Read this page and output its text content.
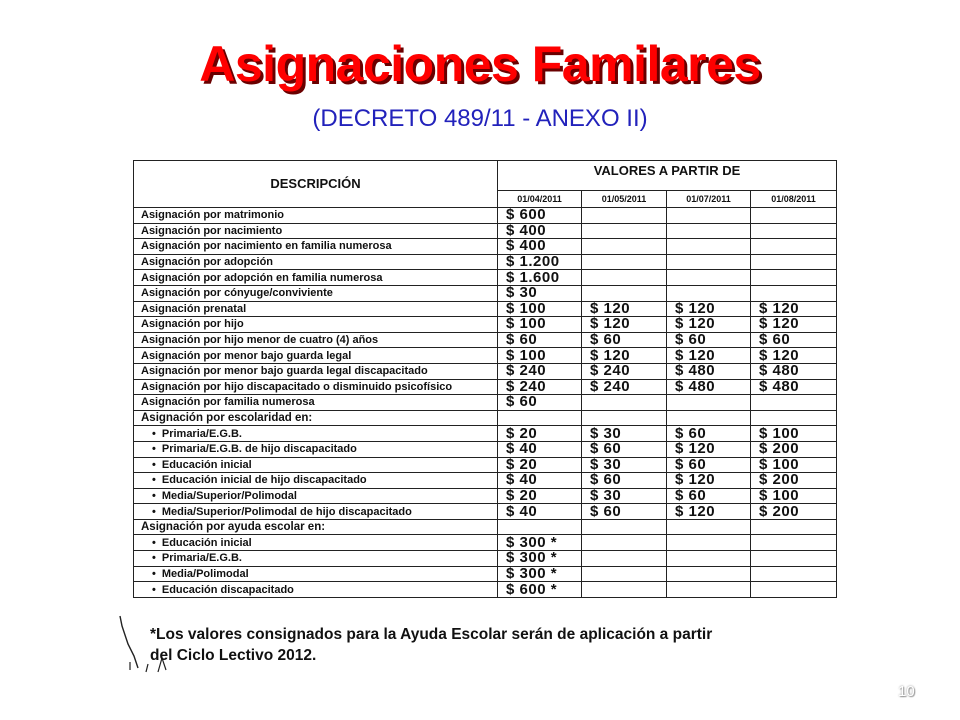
Asignaciones Familares
(DECRETO 489/11 - ANEXO II)
DESCRIPCIÓN	VALORES A PARTIR DE			
	01/04/2011	01/05/2011	01/07/2011	01/08/2011
Asignación por matrimonio	$ 600			
Asignación por nacimiento	$ 400			
Asignación por nacimiento en familia numerosa	$ 400			
Asignación por adopción	$ 1.200			
Asignación por adopción en familia numerosa	$ 1.600			
Asignación por cónyuge/conviviente	$ 30			
Asignación prenatal	$ 100	$ 120	$ 120	$ 120
Asignación por hijo	$ 100	$ 120	$ 120	$ 120
Asignación por hijo menor de cuatro (4) años	$ 60	$ 60	$ 60	$ 60
Asignación por menor bajo guarda legal	$ 100	$ 120	$ 120	$ 120
Asignación por menor bajo guarda legal discapacitado	$ 240	$ 240	$ 480	$ 480
Asignación por hijo discapacitado o disminuido psicofísico	$ 240	$ 240	$ 480	$ 480
Asignación por familia numerosa	$ 60			
Asignación por escolaridad en:				
• Primaria/E.G.B.	$ 20	$ 30	$ 60	$ 100
• Primaria/E.G.B. de hijo discapacitado	$ 40	$ 60	$ 120	$ 200
• Educación inicial	$ 20	$ 30	$ 60	$ 100
• Educación inicial de hijo discapacitado	$ 40	$ 60	$ 120	$ 200
• Media/Superior/Polimodal	$ 20	$ 30	$ 60	$ 100
• Media/Superior/Polimodal de hijo discapacitado	$ 40	$ 60	$ 120	$ 200
Asignación por ayuda escolar en:				
• Educación inicial	$ 300 *			
• Primaria/E.G.B.	$ 300 *			
• Media/Polimodal	$ 300 *			
• Educación discapacitado	$ 600 *			
*Los valores consignados para la Ayuda Escolar serán de aplicación a partir
del Ciclo Lectivo 2012.
10
